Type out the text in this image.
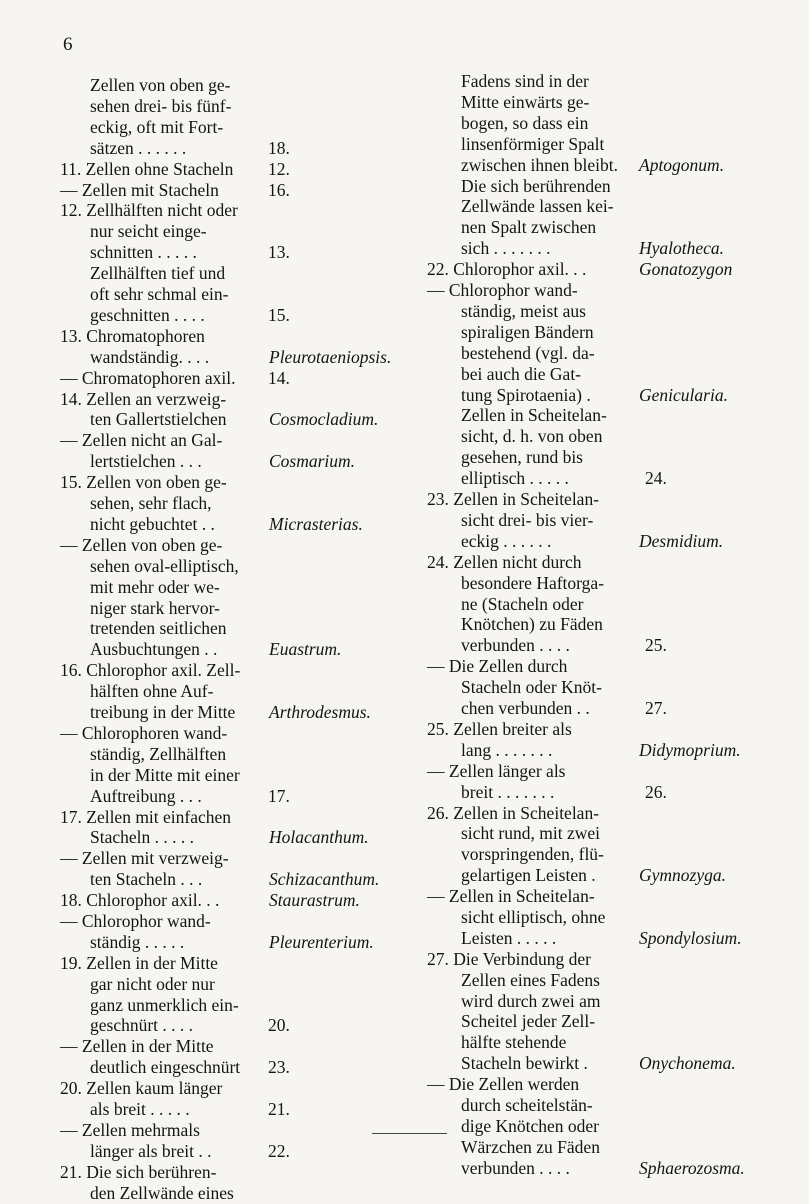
6
Zellen von oben ge-
sehen drei- bis fünf-
eckig, oft mit Fort-
sätzen . . . . . .	18.
11. Zellen ohne Stacheln 12.
— Zellen mit Stacheln	16.
12. Zellhälften nicht oder
nur seicht einge-
schnitten . . . . .	13.
Zellhälften tief und
oft sehr schmal ein-
geschnitten . . . .	15.
13. Chromatophoren
wandständig. . . .	Pleurotaeniopsis.
— Chromatophoren axil. 14.
14. Zellen an verzweig-
ten Gallertstielchen Cosmocladium.
— Zellen nicht an Gal-
lertstielchen . . .	Cosmarium.
15. Zellen von oben ge-
sehen, sehr flach,
nicht gebuchtet . .	Micrasterias.
— Zellen von oben ge-
sehen oval-elliptisch,
mit mehr oder we-
niger stark hervor-
tretenden seitlichen
Ausbuchtungen . .	Euastrum.
16. Chlorophor axil. Zell-
hälften ohne Auf-
treibung in der Mitte Arthrodesmus.
— Chlorophoren wand-
ständig, Zellhälften
in der Mitte mit einer
Auftreibung . . .	17.
17. Zellen mit einfachen
Stacheln . . . . .	Holacanthum.
— Zellen mit verzweig-
ten Stacheln . . .	Schizacanthum.
18. Chlorophor axil. . .	Staurastrum.
— Chlorophor wand-
ständig . . . . .	Pleurenterium.
19. Zellen in der Mitte
gar nicht oder nur
ganz unmerklich ein-
geschnürt . . . .	20.
— Zellen in der Mitte
deutlich eingeschnürt 23.
20. Zellen kaum länger
als breit . . . . .	21.
— Zellen mehrmals
länger als breit . .	22.
21. Die sich berühren-
den Zellwände eines
Fadens sind in der
Mitte einwärts ge-
bogen, so dass ein
linsenförmiger Spalt
zwischen ihnen bleibt. Aptogonum.
Die sich berührenden
Zellwände lassen kei-
nen Spalt zwischen
sich . . . . . . .	Hyalotheca.
22. Chlorophor axil. . .	Gonatozygon
— Chlorophor wand-
ständig, meist aus
spiraligen Bändern
bestehend (vgl. da-
bei auch die Gat-
tung Spirotaenia) .	Genicularia.
Zellen in Scheitelan-
sicht, d. h. von oben
gesehen, rund bis
elliptisch . . . . .	24.
23. Zellen in Scheitelan-
sicht drei- bis vier-
eckig . . . . . .	Desmidium.
24. Zellen nicht durch
besondere Haftorga-
ne (Stacheln oder
Knötchen) zu Fäden
verbunden . . . .	25.
— Die Zellen durch
Stacheln oder Knöt-
chen verbunden . .	27.
25. Zellen breiter als
lang . . . . . . .	Didymoprium.
— Zellen länger als
breit . . . . . . .	26.
26. Zellen in Scheitelan-
sicht rund, mit zwei
vorspringenden, flü-
gelartigen Leisten . Gymnozyga.
— Zellen in Scheitelan-
sicht elliptisch, ohne
Leisten . . . . .	Spondylosium.
27. Die Verbindung der
Zellen eines Fadens
wird durch zwei am
Scheitel jeder Zell-
hälfte stehende
Stacheln bewirkt .	Onychonema.
— Die Zellen werden
durch scheitelstän-
dige Knötchen oder
Wärzchen zu Fäden
verbunden . . . .	Sphaerozosma.
